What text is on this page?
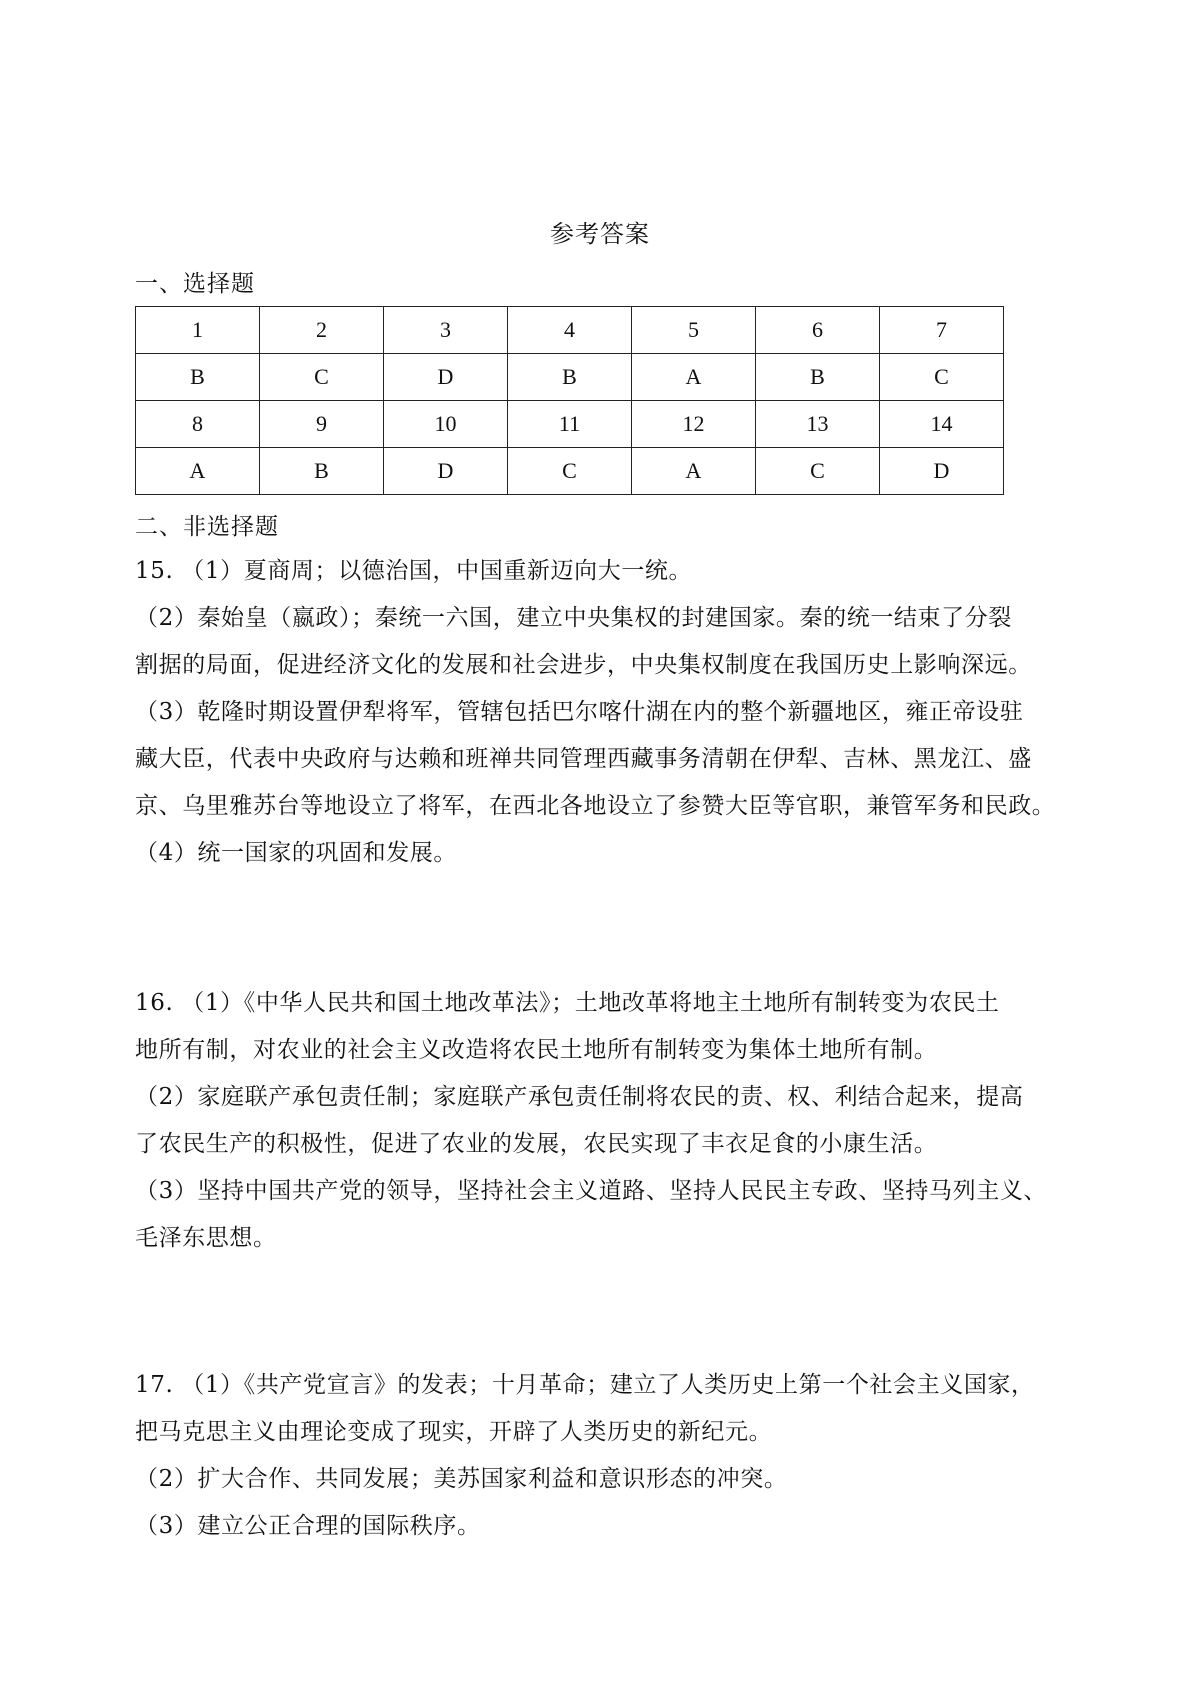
参考答案
一、选择题
1	2	3	4	5	6	7
B	C	D	B	A	B	C
8	9	10	11	12	13	14
A	B	D	C	A	C	D
二、非选择题
15. （1）夏商周；以德治国，中国重新迈向大一统。
（2）秦始皇（嬴政）；秦统一六国，建立中央集权的封建国家。秦的统一结束了分裂
割据的局面，促进经济文化的发展和社会进步，中央集权制度在我国历史上影响深远。
（3）乾隆时期设置伊犁将军，管辖包括巴尔喀什湖在内的整个新疆地区，雍正帝设驻
藏大臣，代表中央政府与达赖和班禅共同管理西藏事务清朝在伊犁、吉林、黑龙江、盛
京、乌里雅苏台等地设立了将军，在西北各地设立了参赞大臣等官职，兼管军务和民政。
（4）统一国家的巩固和发展。
16. （1）《中华人民共和国土地改革法》；土地改革将地主土地所有制转变为农民土
地所有制，对农业的社会主义改造将农民土地所有制转变为集体土地所有制。
（2）家庭联产承包责任制；家庭联产承包责任制将农民的责、权、利结合起来，提高
了农民生产的积极性，促进了农业的发展，农民实现了丰衣足食的小康生活。
（3）坚持中国共产党的领导，坚持社会主义道路、坚持人民民主专政、坚持马列主义、
毛泽东思想。
17. （1）《共产党宣言》的发表；十月革命；建立了人类历史上第一个社会主义国家，
把马克思主义由理论变成了现实，开辟了人类历史的新纪元。
（2）扩大合作、共同发展；美苏国家利益和意识形态的冲突。
（3）建立公正合理的国际秩序。
